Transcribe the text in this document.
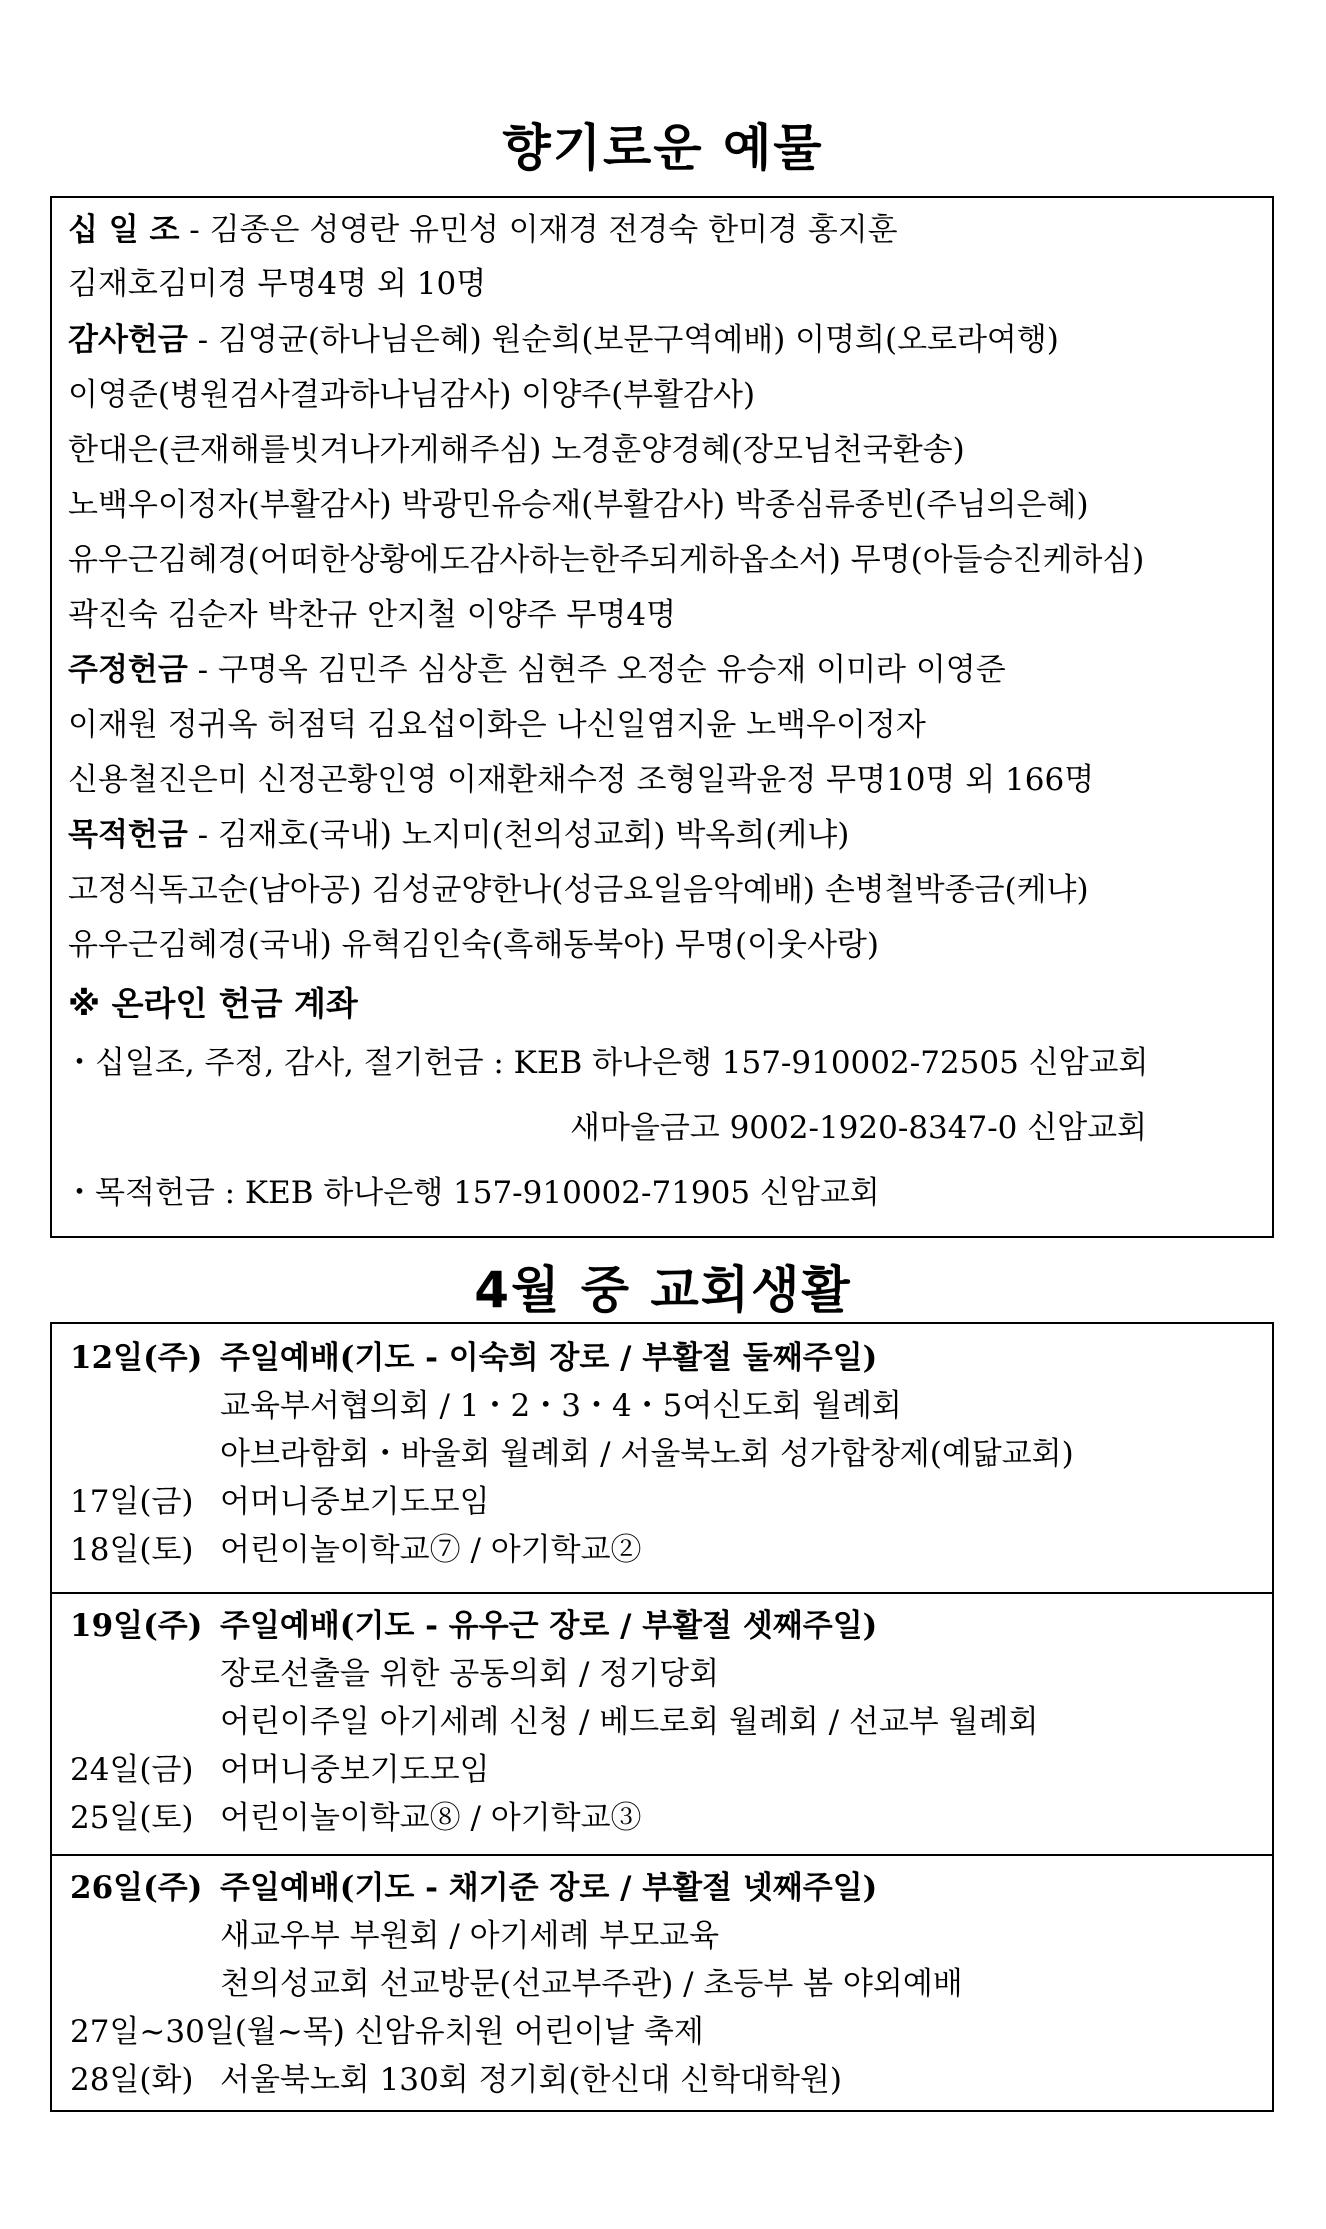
향기로운 예물
십 일 조 - 김종은 성영란 유민성 이재경 전경숙 한미경 홍지훈
김재호김미경 무명4명 외 10명
감사헌금 - 김영균(하나님은혜) 원순희(보문구역예배) 이명희(오로라여행)
이영준(병원검사결과하나님감사) 이양주(부활감사)
한대은(큰재해를빗겨나가게해주심) 노경훈양경혜(장모님천국환송)
노백우이정자(부활감사) 박광민유승재(부활감사) 박종심류종빈(주님의은혜)
유우근김혜경(어떠한상황에도감사하는한주되게하옵소서) 무명(아들승진케하심)
곽진숙 김순자 박찬규 안지철 이양주 무명4명
주정헌금 - 구명옥 김민주 심상흔 심현주 오정순 유승재 이미라 이영준
이재원 정귀옥 허점덕 김요섭이화은 나신일염지윤 노백우이정자
신용철진은미 신정곤황인영 이재환채수정 조형일곽윤정 무명10명 외 166명
목적헌금 - 김재호(국내) 노지미(천의성교회) 박옥희(케냐)
고정식독고순(남아공) 김성균양한나(성금요일음악예배) 손병철박종금(케냐)
유우근김혜경(국내) 유혁김인숙(흑해동북아) 무명(이웃사랑)
※ 온라인 헌금 계좌
・십일조, 주정, 감사, 절기헌금 : KEB 하나은행 157-910002-72505 신암교회
새마을금고 9002-1920-8347-0 신암교회
・목적헌금 : KEB 하나은행 157-910002-71905 신암교회
4월 중 교회생활
12일(주) 주일예배(기도 - 이숙희 장로 / 부활절 둘째주일)
교육부서협의회 / 1・2・3・4・5여신도회 월례회
아브라함회・바울회 월례회 / 서울북노회 성가합창제(예닮교회)
17일(금) 어머니중보기도모임
18일(토) 어린이놀이학교⑦ / 아기학교②
19일(주) 주일예배(기도 - 유우근 장로 / 부활절 셋째주일)
장로선출을 위한 공동의회 / 정기당회
어린이주일 아기세례 신청 / 베드로회 월례회 / 선교부 월례회
24일(금) 어머니중보기도모임
25일(토) 어린이놀이학교⑧ / 아기학교③
26일(주) 주일예배(기도 - 채기준 장로 / 부활절 넷째주일)
새교우부 부원회 / 아기세례 부모교육
천의성교회 선교방문(선교부주관) / 초등부 봄 야외예배
27일~30일(월~목) 신암유치원 어린이날 축제
28일(화) 서울북노회 130회 정기회(한신대 신학대학원)
